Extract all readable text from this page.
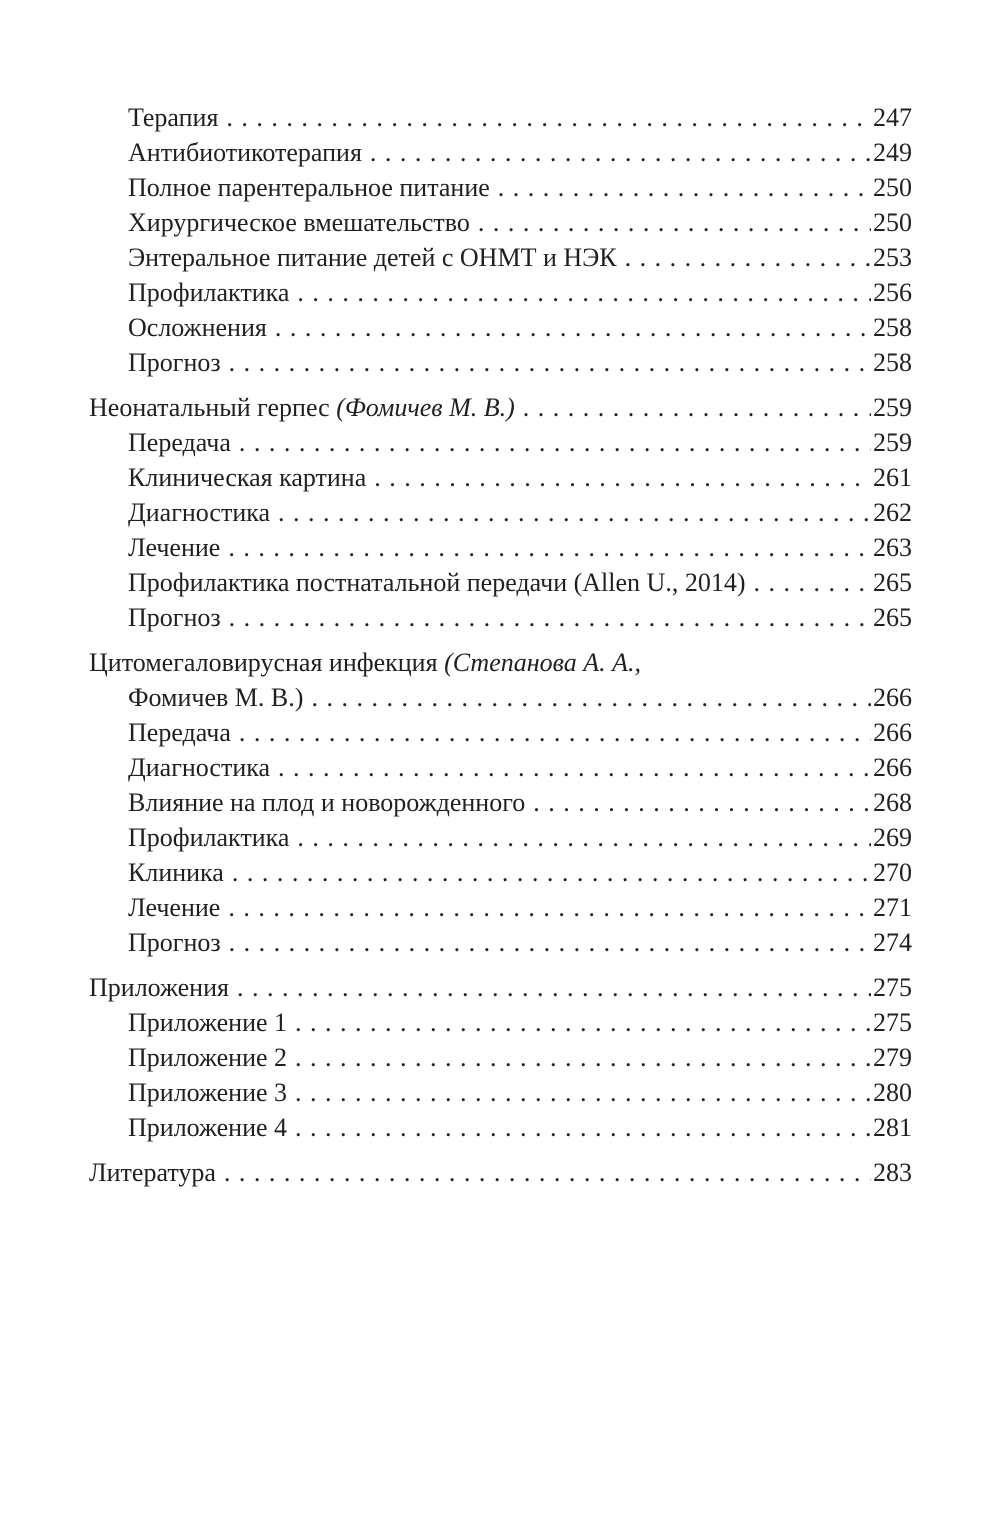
Терапия . . .	247
Антибиотикотерапия . . .	249
Полное парентеральное питание . . .	250
Хирургическое вмешательство . . .	250
Энтеральное питание детей с ОНМТ и НЭК . . .	253
Профилактика . . .	256
Осложнения . . .	258
Прогноз . . .	258
Неонатальный герпес (Фомичев М. В.) . . .	259
Передача . . .	259
Клиническая картина . . .	261
Диагностика . . .	262
Лечение . . .	263
Профилактика постнатальной передачи (Allen U., 2014) . . .	265
Прогноз . . .	265
Цитомегаловирусная инфекция (Степанова А. А.,
Фомичев М. В.) . . .	266
Передача . . .	266
Диагностика . . .	266
Влияние на плод и новорожденного . . .	268
Профилактика . . .	269
Клиника . . .	270
Лечение . . .	271
Прогноз . . .	274
Приложения . . .	275
Приложение 1 . . .	275
Приложение 2 . . .	279
Приложение 3 . . .	280
Приложение 4 . . .	281
Литература . . .	283
